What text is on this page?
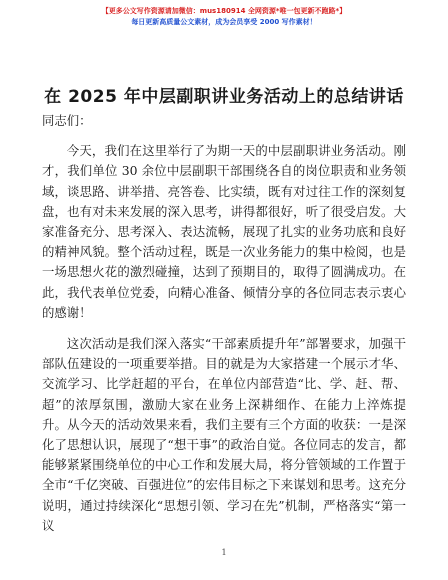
【更多公文写作资源请加微信：mus180914 全网资源*唯一包更新不跑路*】
每日更新高质量公文素材，成为会员享受 2000 写作素材！
在 2025 年中层副职讲业务活动上的总结讲话

同志们：

今天，我们在这里举行了为期一天的中层副职讲业务活动。刚才，我们单位 30 余位中层副职干部围绕各自的岗位职责和业务领域，谈思路、讲举措、亮答卷、比实绩，既有对过往工作的深刻复盘，也有对未来发展的深入思考，讲得都很好，听了很受启发。大家准备充分、思考深入、表达流畅，展现了扎实的业务功底和良好的精神风貌。整个活动过程，既是一次业务能力的集中检阅，也是一场思想火花的激烈碰撞，达到了预期目的，取得了圆满成功。在此，我代表单位党委，向精心准备、倾情分享的各位同志表示衷心的感谢！

这次活动是我们深入落实“干部素质提升年”部署要求，加强干部队伍建设的一项重要举措。目的就是为大家搭建一个展示才华、交流学习、比学赶超的平台，在单位内部营造“比、学、赶、帮、超”的浓厚氛围，激励大家在业务上深耕细作、在能力上淬炼提升。从今天的活动效果来看，我们主要有三个方面的收获：一是深化了思想认识，展现了“想干事”的政治自觉。各位同志的发言，都能够紧紧围绕单位的中心工作和发展大局，将分管领域的工作置于全市“千亿突破、百强进位”的宏伟目标之下来谋划和思考。这充分说明，通过持续深化“思想引领、学习在先”机制，严格落实“第一议

1
